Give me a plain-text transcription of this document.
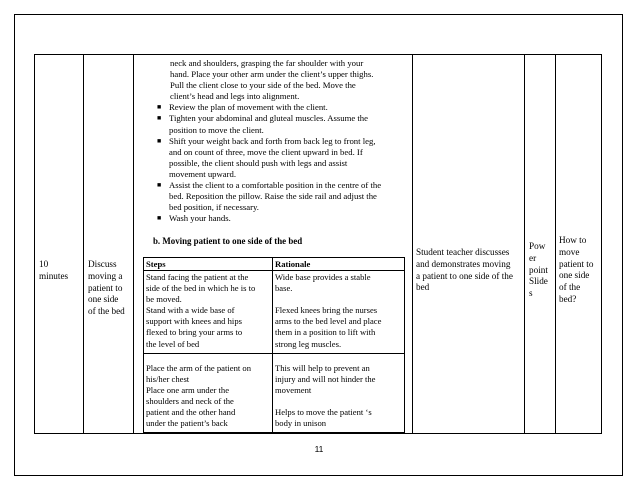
10 minutes
Discuss
moving a
patient to
one side
of the bed
neck and shoulders, grasping the far shoulder with your
hand. Place your other arm under the client’s upper thighs.
Pull the client close to your side of the bed. Move the
client’s head and legs into alignment.
■ Review the plan of movement with the client.
■ Tighten your abdominal and gluteal muscles. Assume the
position to move the client.
■ Shift your weight back and forth from back leg to front leg,
and on count of three, move the client upward in bed. If
possible, the client should push with legs and assist
movement upward.
■ Assist the client to a comfortable position in the centre of the
bed. Reposition the pillow. Raise the side rail and adjust the
bed position, if necessary.
■ Wash your hands.
b. Moving patient to one side of the bed
Steps	Rationale
Stand facing the patient at the
side of the bed in which he is to
be moved.
Stand with a wide base of
support with knees and hips
flexed to bring your arms to
the level of bed
Wide base provides a stable
base.
Flexed knees bring the nurses
arms to the bed level and place
them in a position to lift with
strong leg muscles.
Place the arm of the patient on
his/her chest
Place one arm under the
shoulders and neck of the
patient and the other hand
under the patient’s back
This will help to prevent an
injury and will not hinder the
movement
Helps to move the patient ‘s
body in unison
Student teacher discusses
and demonstrates moving
a patient to one side of the
bed
Pow
er
point
Slide
s
How to
move
patient to
one side
of the
bed?
11
